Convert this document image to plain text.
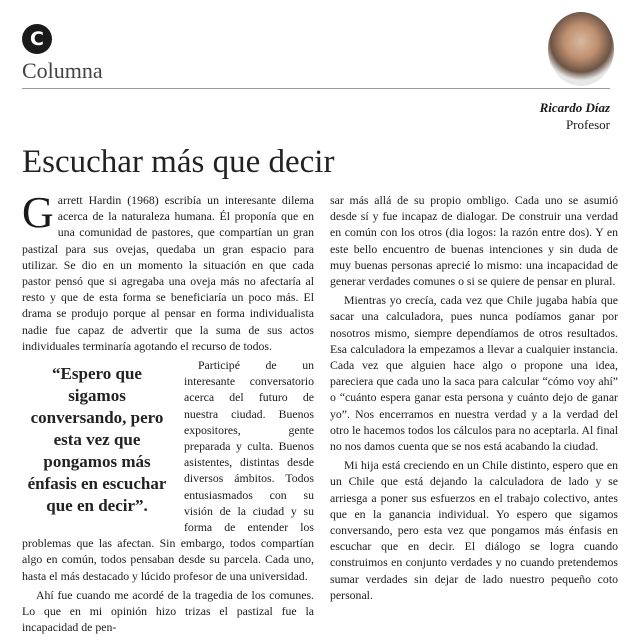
C
Columna
Ricardo Díaz
Profesor
Escuchar más que decir

Garrett Hardin (1968) escribía un interesante dilema acerca de la naturaleza humana. Él proponía que en una comunidad de pastores, que compartían un gran pastizal para sus ovejas, quedaba un gran espacio para utilizar. Se dio en un momento la situación en que cada pastor pensó que si agregaba una oveja más no afectaría al resto y que de esta forma se beneficiaría un poco más. El drama se produjo porque al pensar en forma individualista nadie fue capaz de advertir que la suma de sus actos individuales terminaría agotando el recurso de todos.

“Espero que sigamos conversando, pero esta vez que pongamos más énfasis en escuchar que en decir”.

Participé de un interesante conversatorio acerca del futuro de nuestra ciudad. Buenos expositores, gente preparada y culta. Buenos asistentes, distintas desde diversos ámbitos. Todos entusiasmados con su visión de la ciudad y su forma de entender los problemas que las afectan. Sin embargo, todos compartían algo en común, todos pensaban desde su parcela. Cada uno, hasta el más destacado y lúcido profesor de una universidad.

Ahí fue cuando me acordé de la tragedia de los comunes. Lo que en mi opinión hizo trizas el pastizal fue la incapacidad de pen-

sar más allá de su propio ombligo. Cada uno se asumió desde sí y fue incapaz de dialogar. De construir una verdad en común con los otros (dia logos: la razón entre dos). Y en este bello encuentro de buenas intenciones y sin duda de muy buenas personas aprecié lo mismo: una incapacidad de generar verdades comunes o si se quiere de pensar en plural.

Mientras yo crecía, cada vez que Chile jugaba había que sacar una calculadora, pues nunca podíamos ganar por nosotros mismo, siempre dependíamos de otros resultados. Esa calculadora la empezamos a llevar a cualquier instancia. Cada vez que alguien hace algo o propone una idea, pareciera que cada uno la saca para calcular “cómo voy ahí” o “cuánto espera ganar esta persona y cuánto dejo de ganar yo”. Nos encerramos en nuestra verdad y a la verdad del otro le hacemos todos los cálculos para no aceptarla. Al final no nos damos cuenta que se nos está acabando la ciudad.

Mi hija está creciendo en un Chile distinto, espero que en un Chile que está dejando la calculadora de lado y se arriesga a poner sus esfuerzos en el trabajo colectivo, antes que en la ganancia individual. Yo espero que sigamos conversando, pero esta vez que pongamos más énfasis en escuchar que en decir. El diálogo se logra cuando construimos en conjunto verdades y no cuando pretendemos sumar verdades sin dejar de lado nuestro pequeño coto personal.
